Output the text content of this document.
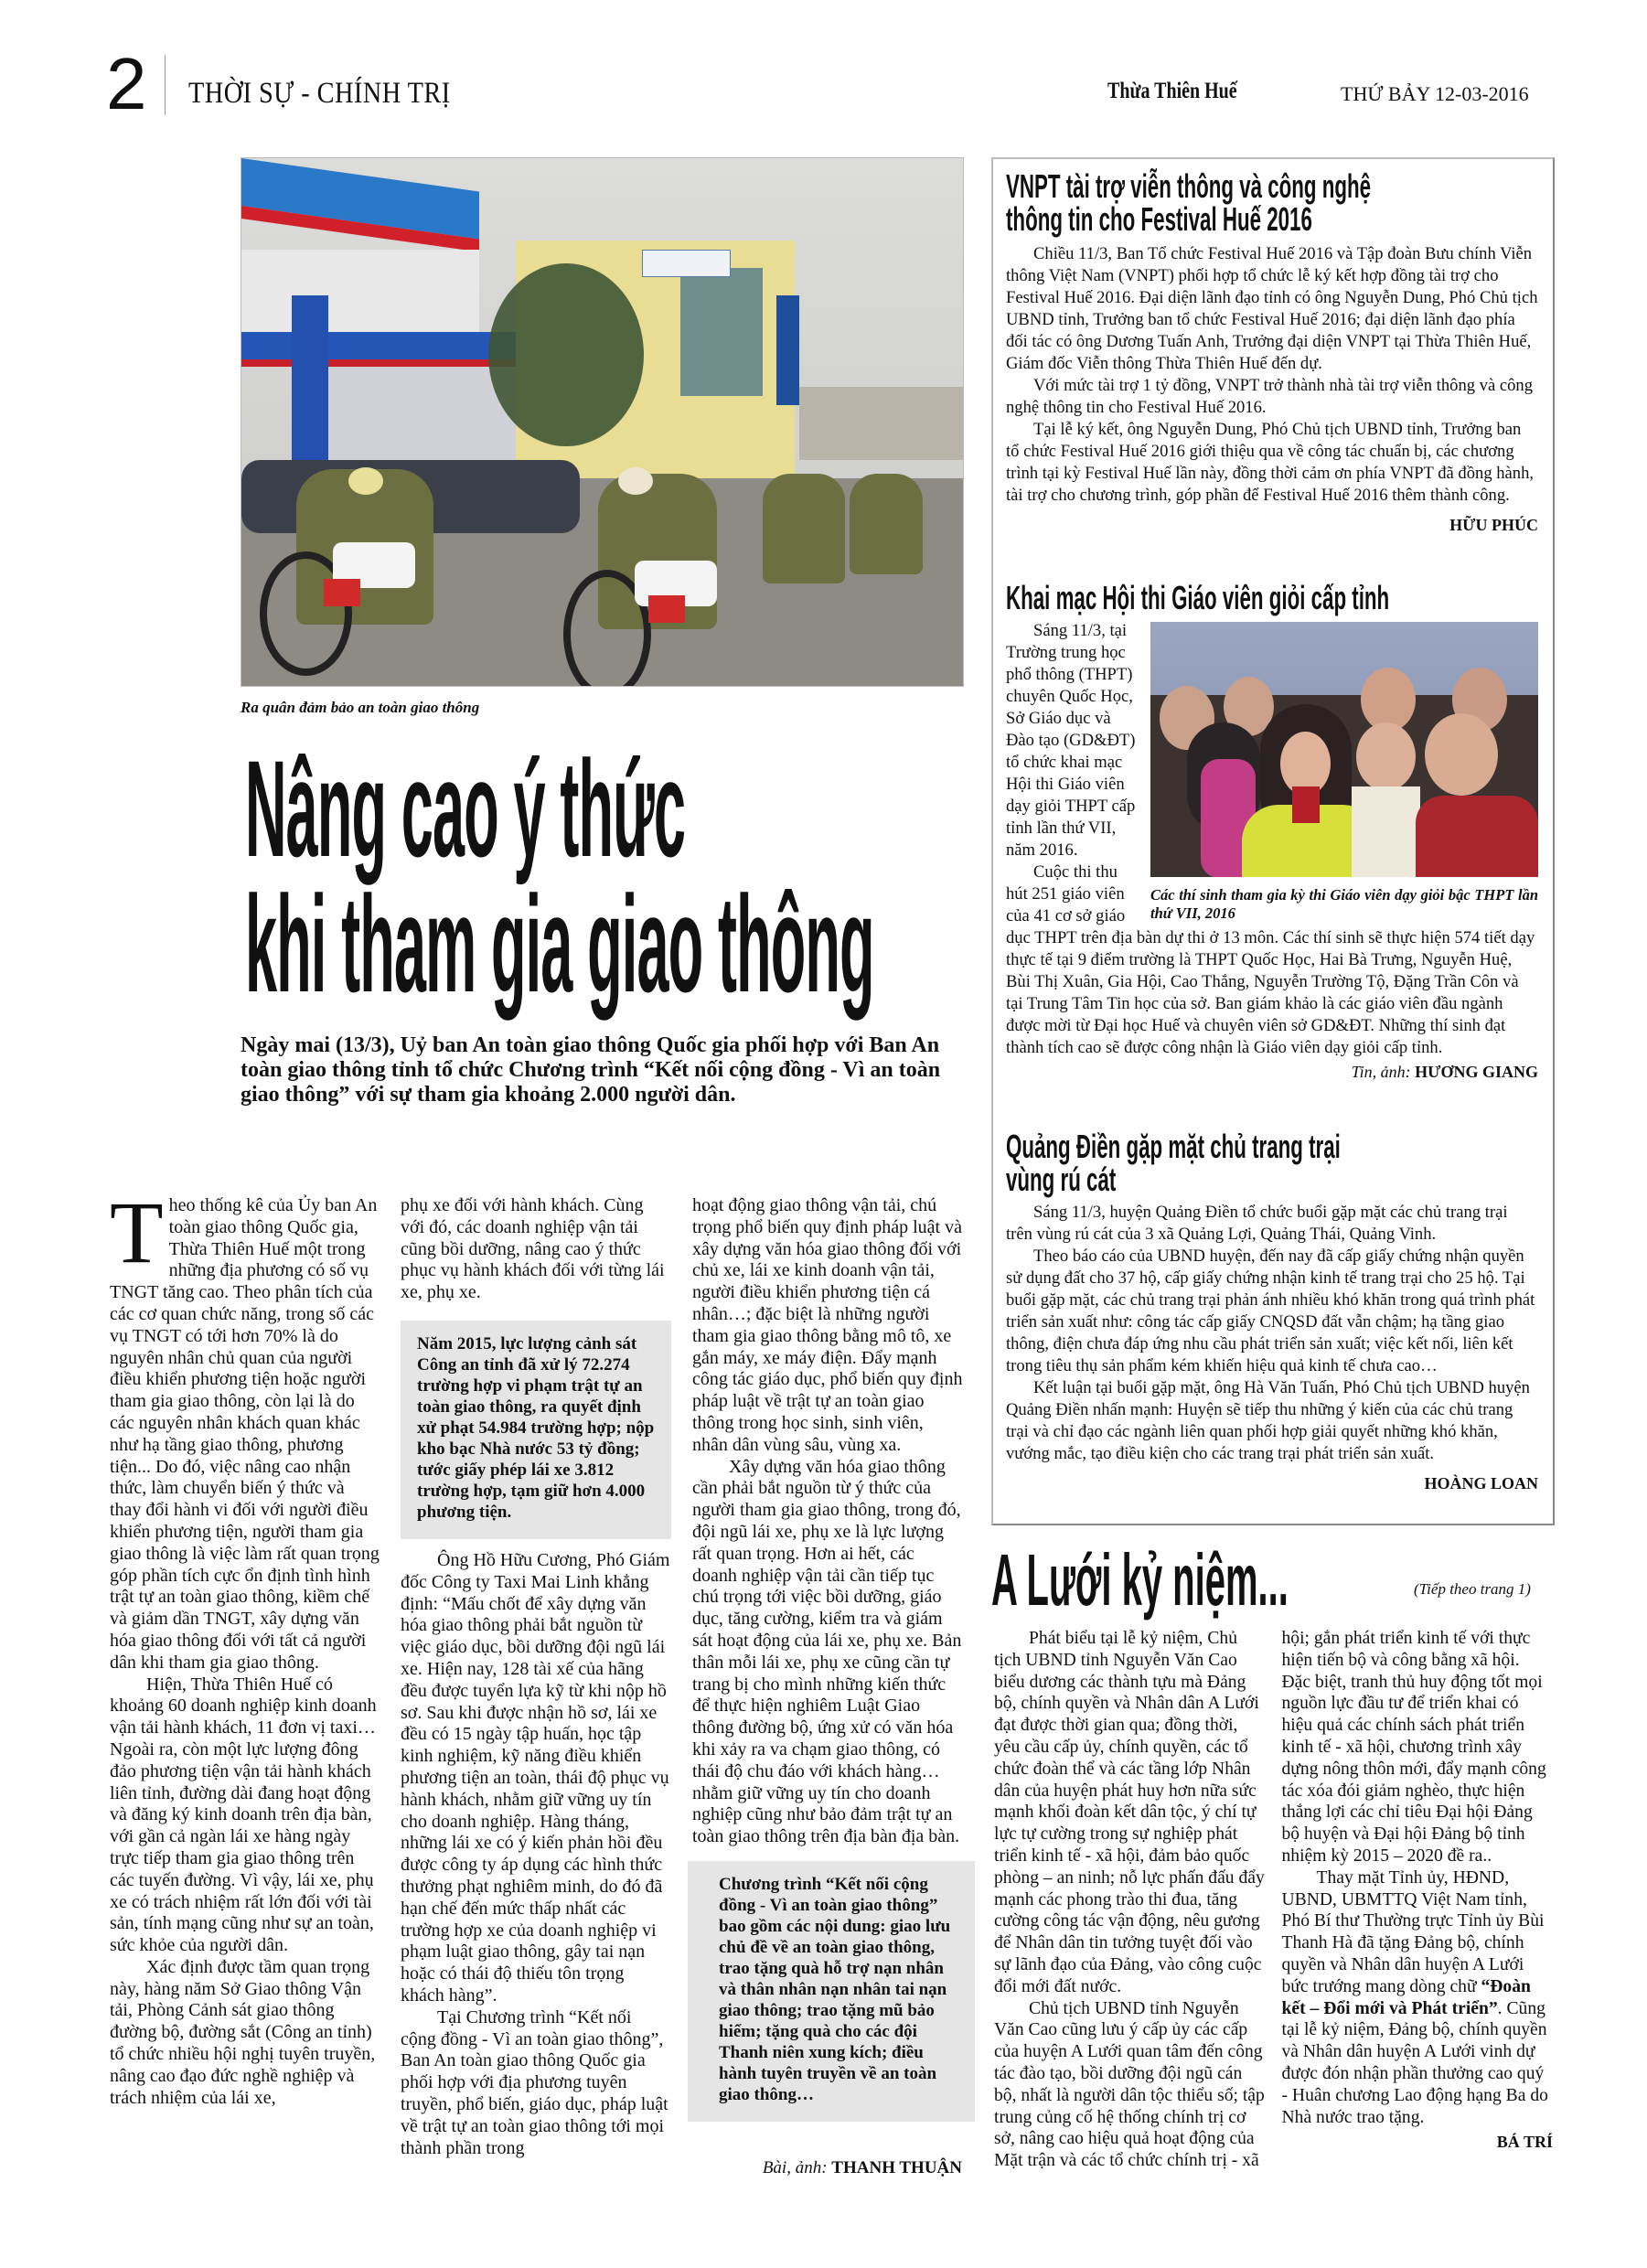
2 THỜI SỰ - CHÍNH TRỊ	Thừa Thiên Huế	THỨ BẢY 12-03-2016
Ra quân đảm bảo an toàn giao thông
Nâng cao ý thức
khi tham gia giao thông
Ngày mai (13/3), Uỷ ban An toàn giao thông Quốc gia phối hợp với Ban An toàn giao thông tỉnh tổ chức Chương trình “Kết nối cộng đồng - Vì an toàn giao thông” với sự tham gia khoảng 2.000 người dân.

Theo thống kê của Ủy ban An toàn giao thông Quốc gia, Thừa Thiên Huế một trong những địa phương có số vụ TNGT tăng cao. Theo phân tích của các cơ quan chức năng, trong số các vụ TNGT có tới hơn 70% là do nguyên nhân chủ quan của người điều khiển phương tiện hoặc người tham gia giao thông, còn lại là do các nguyên nhân khách quan khác như hạ tầng giao thông, phương tiện... Do đó, việc nâng cao nhận thức, làm chuyển biến ý thức và thay đổi hành vi đối với người điều khiển phương tiện, người tham gia giao thông là việc làm rất quan trọng góp phần tích cực ổn định tình hình trật tự an toàn giao thông, kiềm chế và giảm dần TNGT, xây dựng văn hóa giao thông đối với tất cả người dân khi tham gia giao thông.

Hiện, Thừa Thiên Huế có khoảng 60 doanh nghiệp kinh doanh vận tải hành khách, 11 đơn vị taxi… Ngoài ra, còn một lực lượng đông đảo phương tiện vận tải hành khách liên tỉnh, đường dài đang hoạt động và đăng ký kinh doanh trên địa bàn, với gần cả ngàn lái xe hàng ngày trực tiếp tham gia giao thông trên các tuyến đường. Vì vậy, lái xe, phụ xe có trách nhiệm rất lớn đối với tài sản, tính mạng cũng như sự an toàn, sức khỏe của người dân.

Xác định được tầm quan trọng này, hàng năm Sở Giao thông Vận tải, Phòng Cảnh sát giao thông đường bộ, đường sắt (Công an tỉnh) tổ chức nhiều hội nghị tuyên truyền, nâng cao đạo đức nghề nghiệp và trách nhiệm của lái xe,

phụ xe đối với hành khách. Cùng với đó, các doanh nghiệp vận tải cũng bồi dưỡng, nâng cao ý thức phục vụ hành khách đối với từng lái xe, phụ xe.

Năm 2015, lực lượng cảnh sát Công an tỉnh đã xử lý 72.274 trường hợp vi phạm trật tự an toàn giao thông, ra quyết định xử phạt 54.984 trường hợp; nộp kho bạc Nhà nước 53 tỷ đồng; tước giấy phép lái xe 3.812 trường hợp, tạm giữ hơn 4.000 phương tiện.

Ông Hồ Hữu Cương, Phó Giám đốc Công ty Taxi Mai Linh khẳng định: “Mấu chốt để xây dựng văn hóa giao thông phải bắt nguồn từ việc giáo dục, bồi dưỡng đội ngũ lái xe. Hiện nay, 128 tài xế của hãng đều được tuyển lựa kỹ từ khi nộp hồ sơ. Sau khi được nhận hồ sơ, lái xe đều có 15 ngày tập huấn, học tập kinh nghiệm, kỹ năng điều khiển phương tiện an toàn, thái độ phục vụ hành khách, nhằm giữ vững uy tín cho doanh nghiệp. Hàng tháng, những lái xe có ý kiến phản hồi đều được công ty áp dụng các hình thức thưởng phạt nghiêm minh, do đó đã hạn chế đến mức thấp nhất các trường hợp xe của doanh nghiệp vi phạm luật giao thông, gây tai nạn hoặc có thái độ thiếu tôn trọng khách hàng”.

Tại Chương trình “Kết nối cộng đồng - Vì an toàn giao thông”, Ban An toàn giao thông Quốc gia phối hợp với địa phương tuyên truyền, phổ biến, giáo dục, pháp luật về trật tự an toàn giao thông tới mọi thành phần trong

hoạt động giao thông vận tải, chú trọng phổ biến quy định pháp luật và xây dựng văn hóa giao thông đối với chủ xe, lái xe kinh doanh vận tải, người điều khiển phương tiện cá nhân…; đặc biệt là những người tham gia giao thông bằng mô tô, xe gắn máy, xe máy điện. Đẩy mạnh công tác giáo dục, phổ biến quy định pháp luật về trật tự an toàn giao thông trong học sinh, sinh viên, nhân dân vùng sâu, vùng xa.

Xây dựng văn hóa giao thông cần phải bắt nguồn từ ý thức của người tham gia giao thông, trong đó, đội ngũ lái xe, phụ xe là lực lượng rất quan trọng. Hơn ai hết, các doanh nghiệp vận tải cần tiếp tục chú trọng tới việc bồi dưỡng, giáo dục, tăng cường, kiểm tra và giám sát hoạt động của lái xe, phụ xe. Bản thân mỗi lái xe, phụ xe cũng cần tự trang bị cho mình những kiến thức để thực hiện nghiêm Luật Giao thông đường bộ, ứng xử có văn hóa khi xảy ra va chạm giao thông, có thái độ chu đáo với khách hàng… nhằm giữ vững uy tín cho doanh nghiệp cũng như bảo đảm trật tự an toàn giao thông trên địa bàn địa bàn.

Chương trình “Kết nối cộng đồng - Vì an toàn giao thông” bao gồm các nội dung: giao lưu chủ đề về an toàn giao thông, trao tặng quà hỗ trợ nạn nhân và thân nhân nạn nhân tai nạn giao thông; trao tặng mũ bảo hiểm; tặng quà cho các đội Thanh niên xung kích; điều hành tuyên truyền về an toàn giao thông…
Bài, ảnh: THANH THUẬN
VNPT tài trợ viễn thông và công nghệ
thông tin cho Festival Huế 2016

Chiều 11/3, Ban Tổ chức Festival Huế 2016 và Tập đoàn Bưu chính Viễn thông Việt Nam (VNPT) phối hợp tổ chức lễ ký kết hợp đồng tài trợ cho Festival Huế 2016. Đại diện lãnh đạo tỉnh có ông Nguyễn Dung, Phó Chủ tịch UBND tỉnh, Trưởng ban tổ chức Festival Huế 2016; đại diện lãnh đạo phía đối tác có ông Dương Tuấn Anh, Trưởng đại diện VNPT tại Thừa Thiên Huế, Giám đốc Viễn thông Thừa Thiên Huế đến dự.

Với mức tài trợ 1 tỷ đồng, VNPT trở thành nhà tài trợ viễn thông và công nghệ thông tin cho Festival Huế 2016.

Tại lễ ký kết, ông Nguyễn Dung, Phó Chủ tịch UBND tỉnh, Trưởng ban tổ chức Festival Huế 2016 giới thiệu qua về công tác chuẩn bị, các chương trình tại kỳ Festival Huế lần này, đồng thời cảm ơn phía VNPT đã đồng hành, tài trợ cho chương trình, góp phần để Festival Huế 2016 thêm thành công.

HỮU PHÚC
Khai mạc Hội thi Giáo viên giỏi cấp tỉnh
Các thí sinh tham gia kỳ thi Giáo viên dạy giỏi bậc THPT lần thứ VII, 2016

Sáng 11/3, tại Trường trung học phổ thông (THPT) chuyên Quốc Học, Sở Giáo dục và Đào tạo (GD&ĐT) tổ chức khai mạc Hội thi Giáo viên dạy giỏi THPT cấp tỉnh lần thứ VII, năm 2016.

Cuộc thi thu hút 251 giáo viên của 41 cơ sở giáo dục THPT trên địa bàn dự thi ở 13 môn. Các thí sinh sẽ thực hiện 574 tiết dạy thực tế tại 9 điểm trường là THPT Quốc Học, Hai Bà Trưng, Nguyễn Huệ, Bùi Thị Xuân, Gia Hội, Cao Thắng, Nguyễn Trường Tộ, Đặng Trần Côn và tại Trung Tâm Tin học của sở. Ban giám khảo là các giáo viên đầu ngành được mời từ Đại học Huế và chuyên viên sở GD&ĐT. Những thí sinh đạt thành tích cao sẽ được công nhận là Giáo viên dạy giỏi cấp tỉnh.

Tin, ảnh: HƯƠNG GIANG
Quảng Điền gặp mặt chủ trang trại
vùng rú cát

Sáng 11/3, huyện Quảng Điền tổ chức buổi gặp mặt các chủ trang trại trên vùng rú cát của 3 xã Quảng Lợi, Quảng Thái, Quảng Vinh.

Theo báo cáo của UBND huyện, đến nay đã cấp giấy chứng nhận quyền sử dụng đất cho 37 hộ, cấp giấy chứng nhận kinh tế trang trại cho 25 hộ. Tại buổi gặp mặt, các chủ trang trại phản ánh nhiều khó khăn trong quá trình phát triển sản xuất như: công tác cấp giấy CNQSD đất vẫn chậm; hạ tầng giao thông, điện chưa đáp ứng nhu cầu phát triển sản xuất; việc kết nối, liên kết trong tiêu thụ sản phẩm kém khiến hiệu quả kinh tế chưa cao…

Kết luận tại buổi gặp mặt, ông Hà Văn Tuấn, Phó Chủ tịch UBND huyện Quảng Điền nhấn mạnh: Huyện sẽ tiếp thu những ý kiến của các chủ trang trại và chỉ đạo các ngành liên quan phối hợp giải quyết những khó khăn, vướng mắc, tạo điều kiện cho các trang trại phát triển sản xuất.

HOÀNG LOAN
A Lưới kỷ niệm...	(Tiếp theo trang 1)

Phát biểu tại lễ kỷ niệm, Chủ tịch UBND tỉnh Nguyễn Văn Cao biểu dương các thành tựu mà Đảng bộ, chính quyền và Nhân dân A Lưới đạt được thời gian qua; đồng thời, yêu cầu cấp ủy, chính quyền, các tổ chức đoàn thể và các tầng lớp Nhân dân của huyện phát huy hơn nữa sức mạnh khối đoàn kết dân tộc, ý chí tự lực tự cường trong sự nghiệp phát triển kinh tế - xã hội, đảm bảo quốc phòng – an ninh; nỗ lực phấn đấu đẩy mạnh các phong trào thi đua, tăng cường công tác vận động, nêu gương để Nhân dân tin tưởng tuyệt đối vào sự lãnh đạo của Đảng, vào công cuộc đổi mới đất nước.

Chủ tịch UBND tỉnh Nguyễn Văn Cao cũng lưu ý cấp ủy các cấp của huyện A Lưới quan tâm đến công tác đào tạo, bồi dưỡng đội ngũ cán bộ, nhất là người dân tộc thiểu số; tập trung củng cố hệ thống chính trị cơ sở, nâng cao hiệu quả hoạt động của Mặt trận và các tổ chức chính trị - xã hội; gắn phát triển kinh tế với thực hiện tiến bộ và công bằng xã hội. Đặc biệt, tranh thủ huy động tốt mọi nguồn lực đầu tư để triển khai có hiệu quả các chính sách phát triển kinh tế - xã hội, chương trình xây dựng nông thôn mới, đẩy mạnh công tác xóa đói giảm nghèo, thực hiện thắng lợi các chỉ tiêu Đại hội Đảng bộ huyện và Đại hội Đảng bộ tỉnh nhiệm kỳ 2015 – 2020 đề ra..

Thay mặt Tỉnh ủy, HĐND, UBND, UBMTTQ Việt Nam tỉnh, Phó Bí thư Thường trực Tỉnh ủy Bùi Thanh Hà đã tặng Đảng bộ, chính quyền và Nhân dân huyện A Lưới bức trướng mang dòng chữ “Đoàn kết – Đổi mới và Phát triển”. Cũng tại lễ kỷ niệm, Đảng bộ, chính quyền và Nhân dân huyện A Lưới vinh dự được đón nhận phần thưởng cao quý - Huân chương Lao động hạng Ba do Nhà nước trao tặng.

BÁ TRÍ
